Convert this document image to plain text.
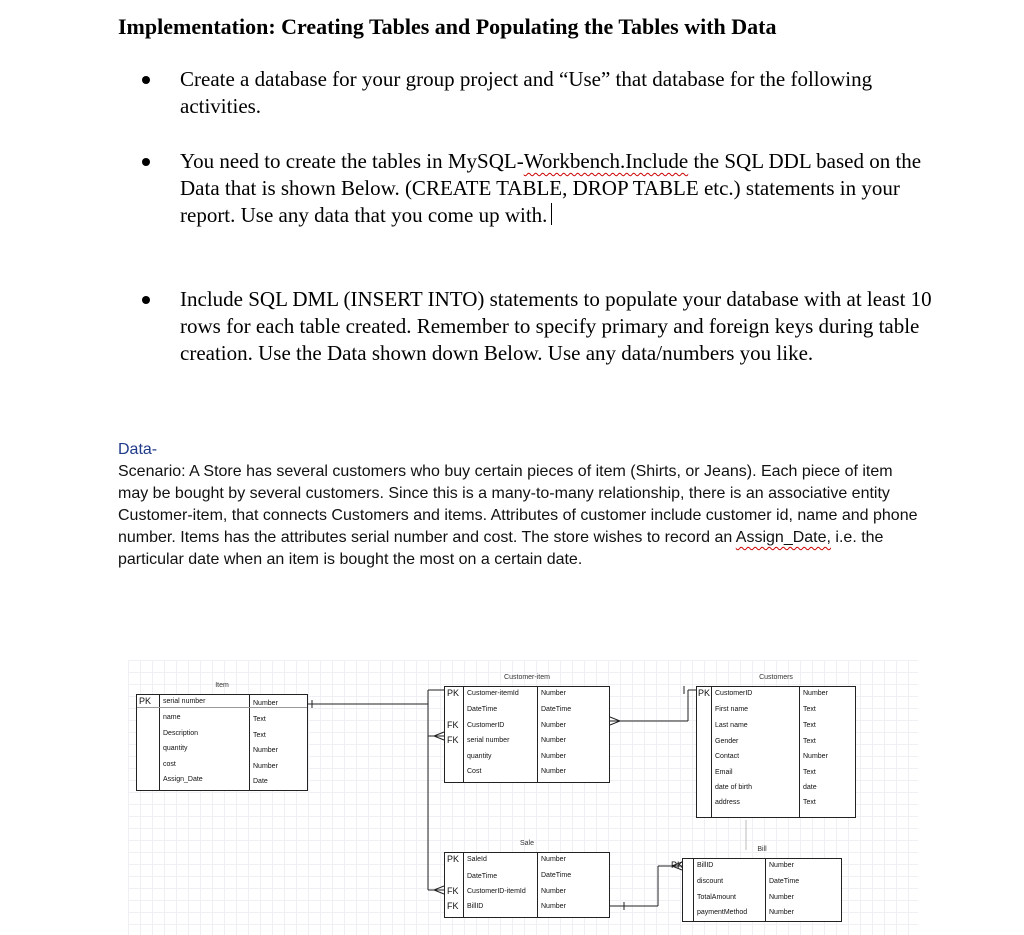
Implementation: Creating Tables and Populating the Tables with Data
Create a database for your group project and “Use” that database for the following activities.
You need to create the tables in MySQL-Workbench.Include the SQL DDL based on the Data that is shown Below. (CREATE TABLE, DROP TABLE etc.) statements in your report. Use any data that you come up with.
Include SQL DML (INSERT INTO) statements to populate your database with at least 10 rows for each table created. Remember to specify primary and foreign keys during table creation. Use the Data shown down Below. Use any data/numbers you like.
Data-
Scenario: A Store has several customers who buy certain pieces of item (Shirts, or Jeans). Each piece of item may be bought by several customers. Since this is a many-to-many relationship, there is an associative entity Customer-item, that connects Customers and items. Attributes of customer include customer id, name and phone number. Items has the attributes serial number and cost. The store wishes to record an Assign_Date, i.e. the particular date when an item is bought the most on a certain date.
Item
PK serial number
name
Description
quantity
cost
Assign_Date
Number
Text
Text
Number
Number
Date
Customer-item
PK
FK
FK
Customer-itemId
DateTime
CustomerID
serial number
quantity
Cost
Number
DateTime
Number
Number
Number
Number
Customers
PK CustomerID
First name
Last name
Gender
Contact
Email
date of birth
address
Number
Text
Text
Text
Number
Text
date
Text
Sale
PK
FK
FK
SaleId
DateTime
CustomerID-itemId
BillID
Number
DateTime
Number
Number
Bill
PK BillID
discount
TotalAmount
paymentMethod
Number
DateTime
Number
Number
